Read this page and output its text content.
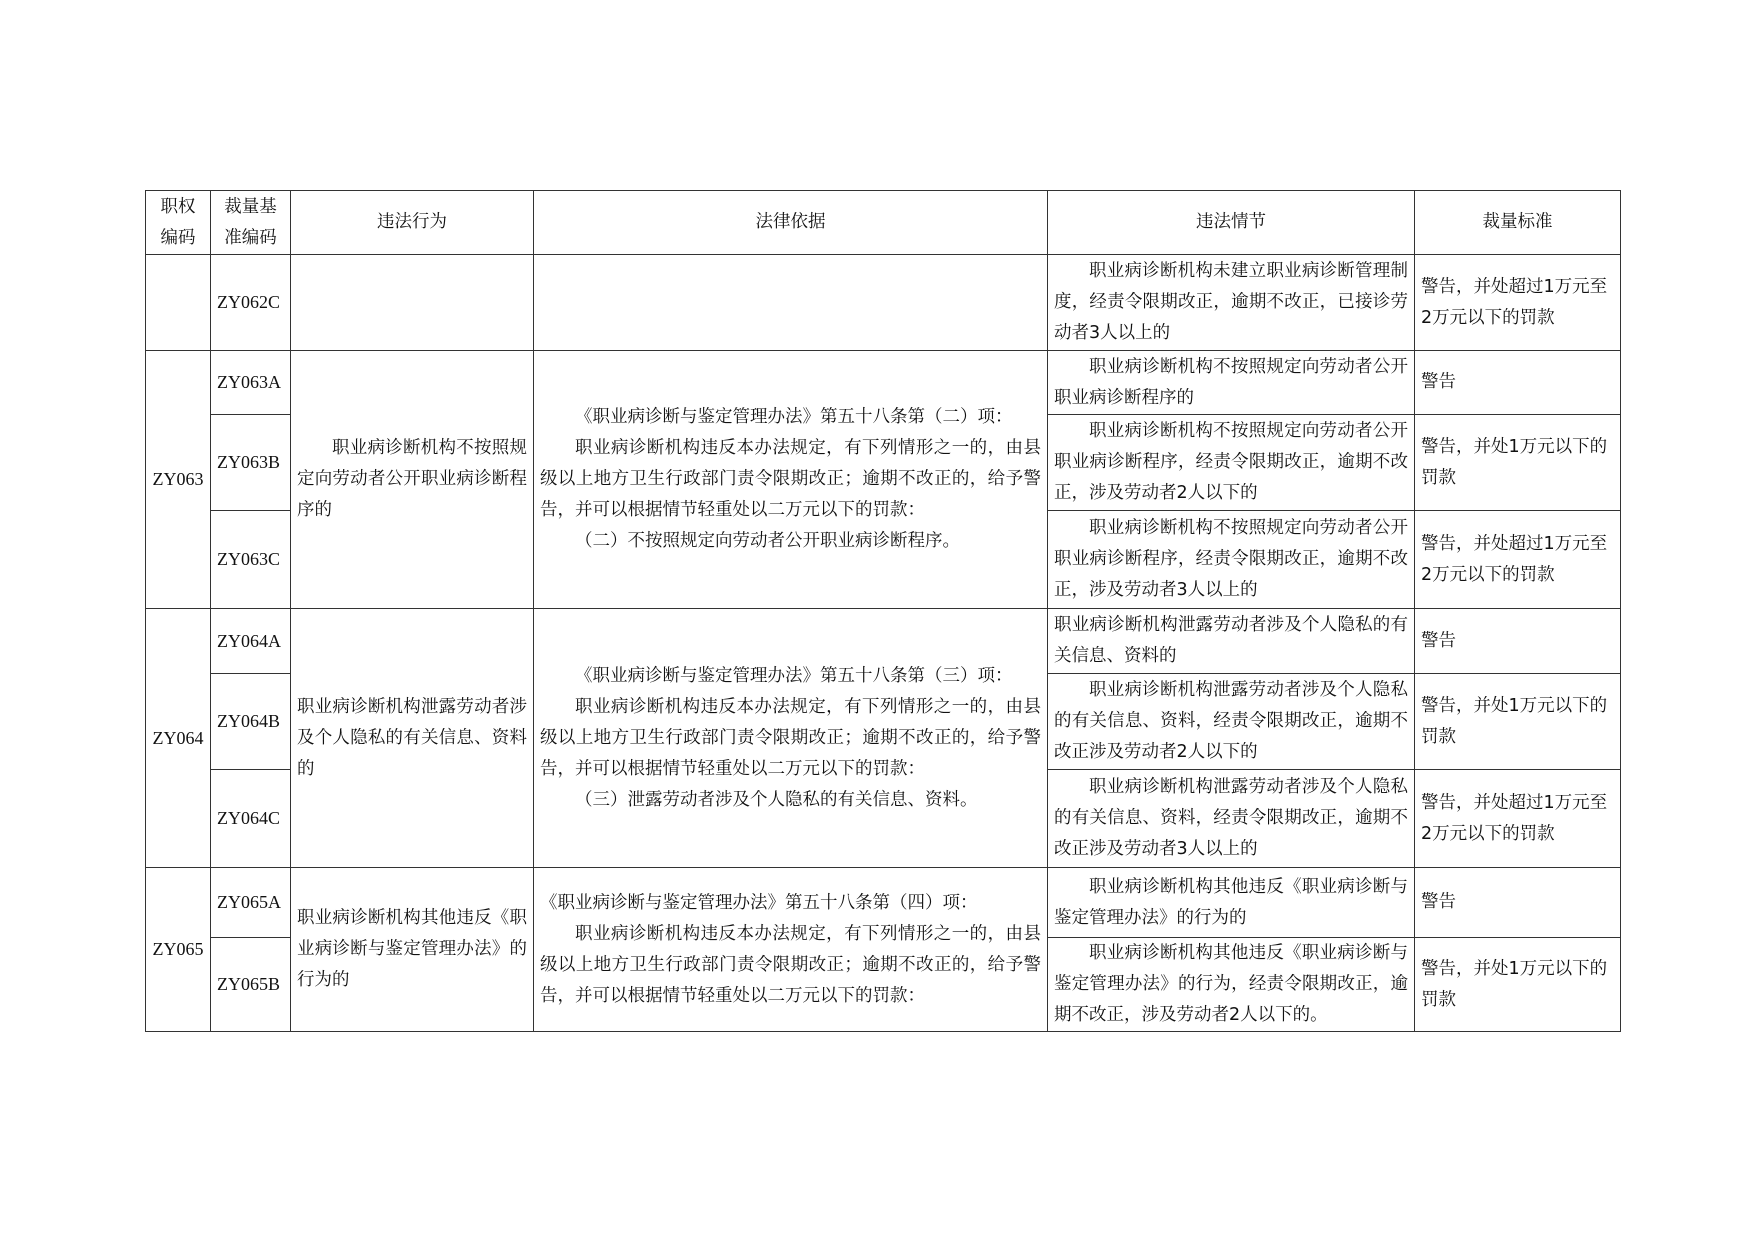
职权编码	裁量基准编码	违法行为	法律依据	违法情节	裁量标准
	ZY062C			职业病诊断机构未建立职业病诊断管理制度，经责令限期改正，逾期不改正，已接诊劳动者3人以上的	警告，并处超过1万元至2万元以下的罚款
ZY063	ZY063A	职业病诊断机构不按照规定向劳动者公开职业病诊断程序的	《职业病诊断与鉴定管理办法》第五十八条第（二）项：

职业病诊断机构违反本办法规定，有下列情形之一的，由县级以上地方卫生行政部门责令限期改正；逾期不改正的，给予警告，并可以根据情节轻重处以二万元以下的罚款：

（二）不按照规定向劳动者公开职业病诊断程序。	职业病诊断机构不按照规定向劳动者公开职业病诊断程序的	警告
	ZY063B			职业病诊断机构不按照规定向劳动者公开职业病诊断程序，经责令限期改正，逾期不改正，涉及劳动者2人以下的	警告，并处1万元以下的罚款
	ZY063C			职业病诊断机构不按照规定向劳动者公开职业病诊断程序，经责令限期改正，逾期不改正，涉及劳动者3人以上的	警告，并处超过1万元至2万元以下的罚款
ZY064	ZY064A	职业病诊断机构泄露劳动者涉及个人隐私的有关信息、资料的	《职业病诊断与鉴定管理办法》第五十八条第（三）项：

职业病诊断机构违反本办法规定，有下列情形之一的，由县级以上地方卫生行政部门责令限期改正；逾期不改正的，给予警告，并可以根据情节轻重处以二万元以下的罚款：

（三）泄露劳动者涉及个人隐私的有关信息、资料。	职业病诊断机构泄露劳动者涉及个人隐私的有关信息、资料的	警告
	ZY064B			职业病诊断机构泄露劳动者涉及个人隐私的有关信息、资料，经责令限期改正，逾期不改正涉及劳动者2人以下的	警告，并处1万元以下的罚款
	ZY064C			职业病诊断机构泄露劳动者涉及个人隐私的有关信息、资料，经责令限期改正，逾期不改正涉及劳动者3人以上的	警告，并处超过1万元至2万元以下的罚款
ZY065	ZY065A	职业病诊断机构其他违反《职业病诊断与鉴定管理办法》的行为的	《职业病诊断与鉴定管理办法》第五十八条第（四）项：

职业病诊断机构违反本办法规定，有下列情形之一的，由县级以上地方卫生行政部门责令限期改正；逾期不改正的，给予警告，并可以根据情节轻重处以二万元以下的罚款：	职业病诊断机构其他违反《职业病诊断与鉴定管理办法》的行为的	警告
	ZY065B			职业病诊断机构其他违反《职业病诊断与鉴定管理办法》的行为，经责令限期改正，逾期不改正，涉及劳动者2人以下的。	警告，并处1万元以下的罚款
